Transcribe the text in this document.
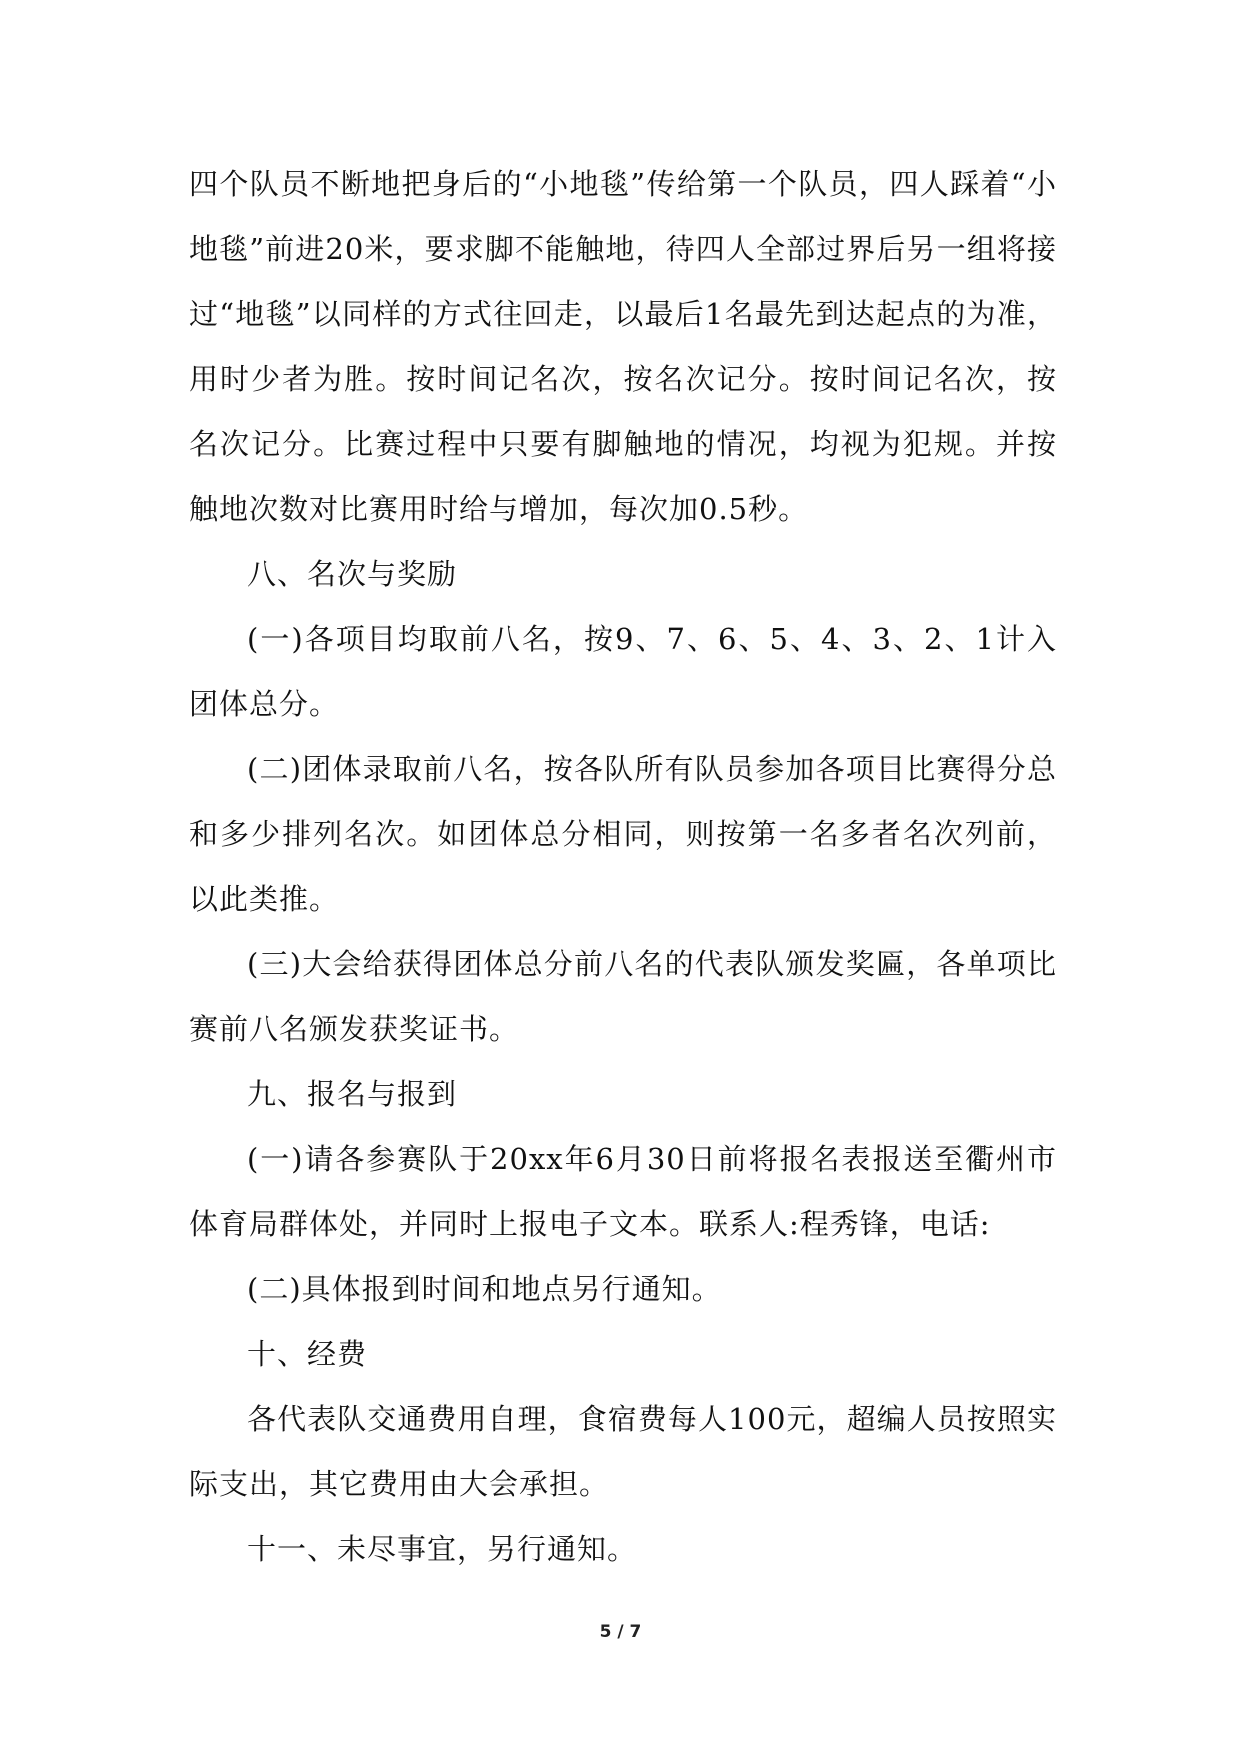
四个队员不断地把身后的“小地毯”传给第一个队员，四人踩着“小地毯”前进20米，要求脚不能触地，待四人全部过界后另一组将接过“地毯”以同样的方式往回走，以最后1名最先到达起点的为准，用时少者为胜。按时间记名次，按名次记分。按时间记名次，按名次记分。比赛过程中只要有脚触地的情况，均视为犯规。并按触地次数对比赛用时给与增加，每次加0.5秒。

八、名次与奖励

(一)各项目均取前八名，按9、7、6、5、4、3、2、1计入团体总分。

(二)团体录取前八名，按各队所有队员参加各项目比赛得分总和多少排列名次。如团体总分相同，则按第一名多者名次列前，以此类推。

(三)大会给获得团体总分前八名的代表队颁发奖匾，各单项比赛前八名颁发获奖证书。

九、报名与报到

(一)请各参赛队于20xx年6月30日前将报名表报送至衢州市体育局群体处，并同时上报电子文本。联系人:程秀锋，电话:

(二)具体报到时间和地点另行通知。

十、经费

各代表队交通费用自理，食宿费每人100元，超编人员按照实际支出，其它费用由大会承担。

十一、未尽事宜，另行通知。

5 / 7
